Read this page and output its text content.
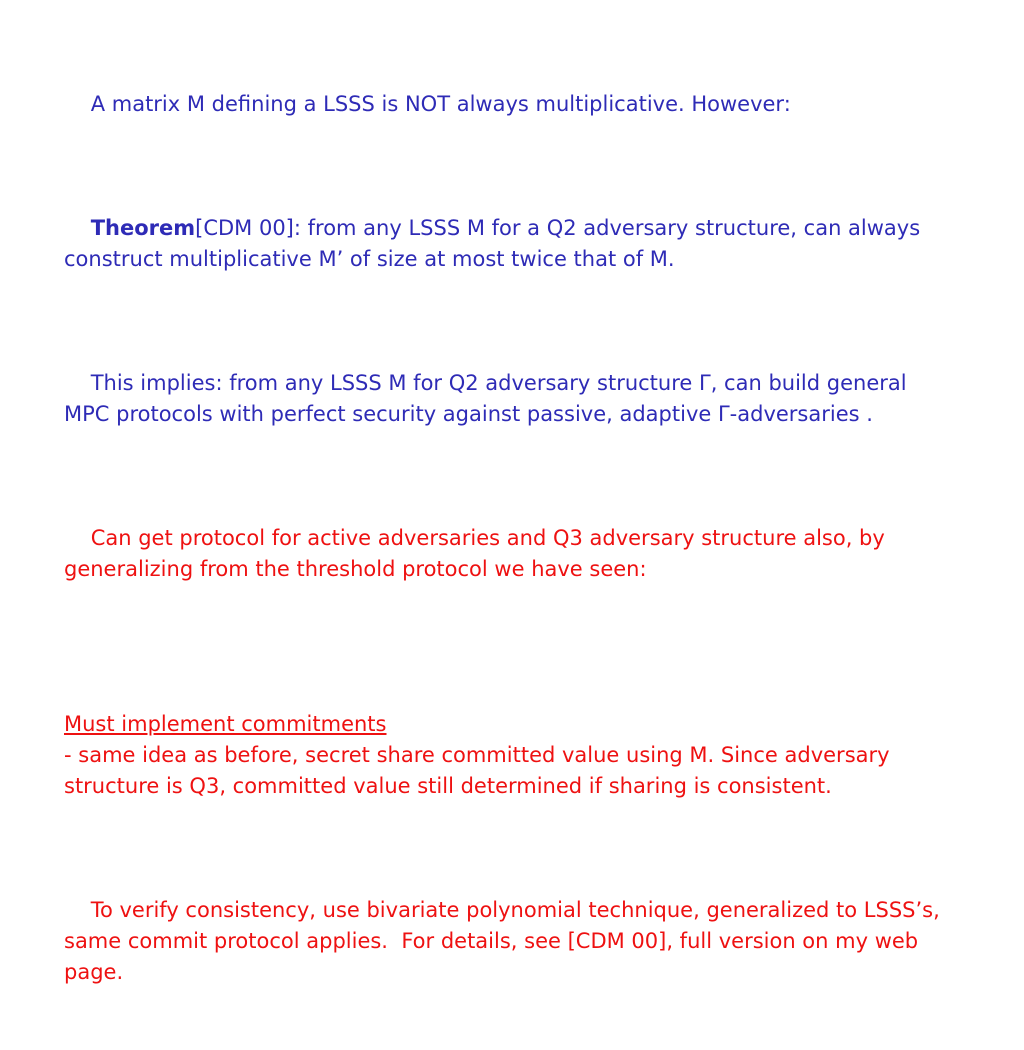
A matrix M defining a LSSS is NOT always multiplicative. However:

Theorem[CDM 00]: from any LSSS M for a Q2 adversary structure, can always construct multiplicative M’ of size at most twice that of M.

This implies: from any LSSS M for Q2 adversary structure Γ, can build general MPC protocols with perfect security against passive, adaptive Γ-adversaries .

Can get protocol for active adversaries and Q3 adversary structure also, by generalizing from the threshold protocol we have seen:

Must implement commitments
- same idea as before, secret share committed value using M. Since adversary structure is Q3, committed value still determined if sharing is consistent.

To verify consistency, use bivariate polynomial technique, generalized to LSSS’s, same commit protocol applies.  For details, see [CDM 00], full version on my web page.
